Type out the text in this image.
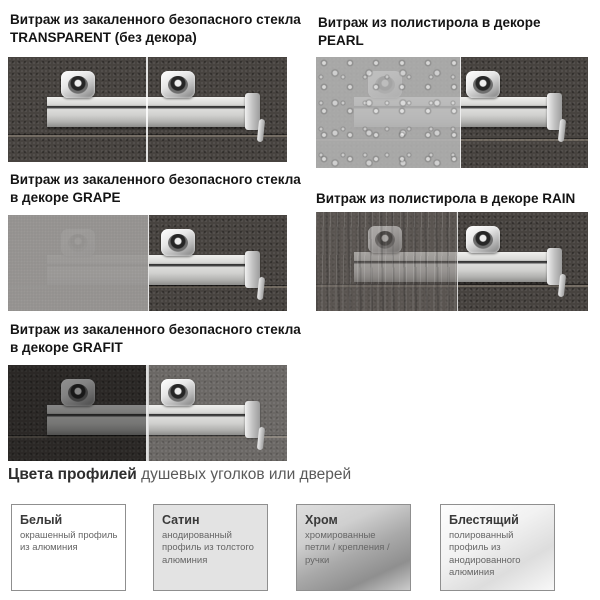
Витраж из закаленного безопасного стекла TRANSPARENT (без декора)
Витраж из полистирола в декоре PEARL
Витраж из закаленного безопасного стекла в декоре GRAPE	Витраж из полистирола в декоре RAIN
Витраж из закаленного безопасного стекла в декоре GRAFIT
Цвета профилей душевых уголков или дверей
Белый
окрашенный профиль из алюминия
Сатин
анодированный профиль из толстого алюминия
Хром
хромированные петли / крепления / ручки
Блестящий
полированный профиль из анодированного алюминия
